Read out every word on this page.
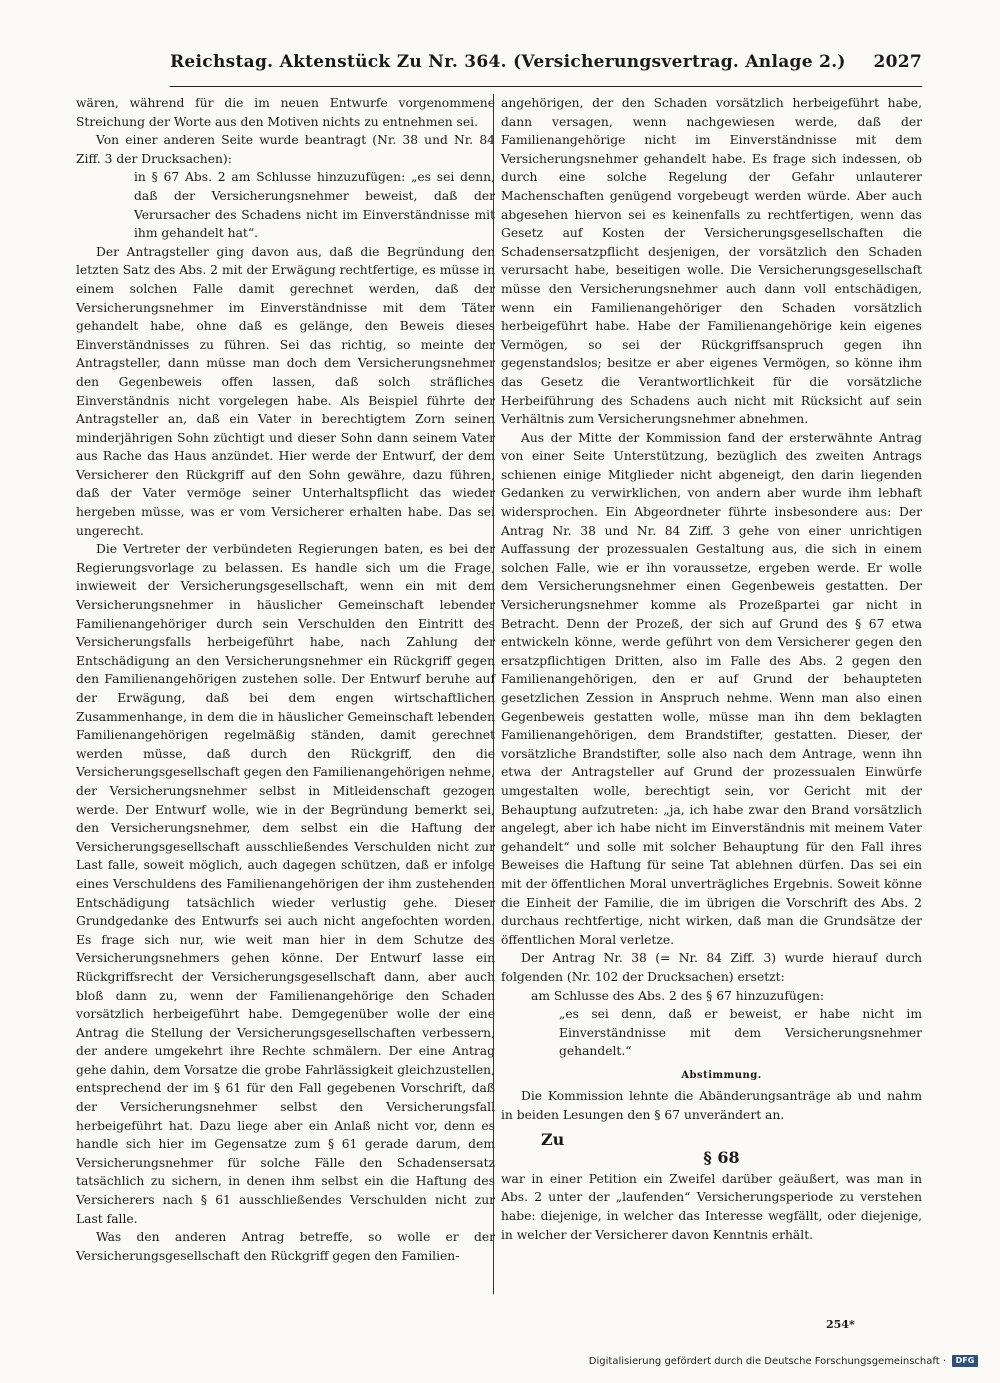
Reichstag. Aktenstück Zu Nr. 364. (Versicherungsvertrag. Anlage 2.) 2027

wären, während für die im neuen Entwurfe vorgenommene Streichung der Worte aus den Motiven nichts zu entnehmen sei.

Von einer anderen Seite wurde beantragt (Nr. 38 und Nr. 84 Ziff. 3 der Drucksachen):

in § 67 Abs. 2 am Schlusse hinzuzufügen: „es sei denn, daß der Versicherungsnehmer beweist, daß der Verursacher des Schadens nicht im Einverständnisse mit ihm gehandelt hat“.

Der Antragsteller ging davon aus, daß die Begründung den letzten Satz des Abs. 2 mit der Erwägung rechtfertige, es müsse in einem solchen Falle damit gerechnet werden, daß der Versicherungsnehmer im Einverständnisse mit dem Täter gehandelt habe, ohne daß es gelänge, den Beweis dieses Einverständnisses zu führen. Sei das richtig, so meinte der Antragsteller, dann müsse man doch dem Versicherungsnehmer den Gegenbeweis offen lassen, daß solch sträfliches Einverständnis nicht vorgelegen habe. Als Beispiel führte der Antragsteller an, daß ein Vater in berechtigtem Zorn seinen minderjährigen Sohn züchtigt und dieser Sohn dann seinem Vater aus Rache das Haus anzündet. Hier werde der Entwurf, der dem Versicherer den Rückgriff auf den Sohn gewähre, dazu führen, daß der Vater vermöge seiner Unterhaltspflicht das wieder hergeben müsse, was er vom Versicherer erhalten habe. Das sei ungerecht.

Die Vertreter der verbündeten Regierungen baten, es bei der Regierungsvorlage zu belassen. Es handle sich um die Frage, inwieweit der Versicherungsgesellschaft, wenn ein mit dem Versicherungsnehmer in häuslicher Gemeinschaft lebender Familienangehöriger durch sein Verschulden den Eintritt des Versicherungsfalls herbeigeführt habe, nach Zahlung der Entschädigung an den Versicherungsnehmer ein Rückgriff gegen den Familienangehörigen zustehen solle. Der Entwurf beruhe auf der Erwägung, daß bei dem engen wirtschaftlichen Zusammenhange, in dem die in häuslicher Gemeinschaft lebenden Familienangehörigen regelmäßig ständen, damit gerechnet werden müsse, daß durch den Rückgriff, den die Versicherungsgesellschaft gegen den Familienangehörigen nehme, der Versicherungsnehmer selbst in Mitleidenschaft gezogen werde. Der Entwurf wolle, wie in der Begründung bemerkt sei, den Versicherungsnehmer, dem selbst ein die Haftung der Versicherungsgesellschaft ausschließendes Verschulden nicht zur Last falle, soweit möglich, auch dagegen schützen, daß er infolge eines Verschuldens des Familienangehörigen der ihm zustehenden Entschädigung tatsächlich wieder verlustig gehe. Dieser Grundgedanke des Entwurfs sei auch nicht angefochten worden. Es frage sich nur, wie weit man hier in dem Schutze des Versicherungsnehmers gehen könne. Der Entwurf lasse ein Rückgriffsrecht der Versicherungsgesellschaft dann, aber auch bloß dann zu, wenn der Familienangehörige den Schaden vorsätzlich herbeigeführt habe. Demgegenüber wolle der eine Antrag die Stellung der Versicherungsgesellschaften verbessern, der andere umgekehrt ihre Rechte schmälern. Der eine Antrag gehe dahin, dem Vorsatze die grobe Fahrlässigkeit gleichzustellen, entsprechend der im § 61 für den Fall gegebenen Vorschrift, daß der Versicherungsnehmer selbst den Versicherungsfall herbeigeführt hat. Dazu liege aber ein Anlaß nicht vor, denn es handle sich hier im Gegensatze zum § 61 gerade darum, dem Versicherungsnehmer für solche Fälle den Schadensersatz tatsächlich zu sichern, in denen ihm selbst ein die Haftung des Versicherers nach § 61 ausschließendes Verschulden nicht zur Last falle.

Was den anderen Antrag betreffe, so wolle er der Versicherungsgesellschaft den Rückgriff gegen den Familien-

angehörigen, der den Schaden vorsätzlich herbeigeführt habe, dann versagen, wenn nachgewiesen werde, daß der Familienangehörige nicht im Einverständnisse mit dem Versicherungsnehmer gehandelt habe. Es frage sich indessen, ob durch eine solche Regelung der Gefahr unlauterer Machenschaften genügend vorgebeugt werden würde. Aber auch abgesehen hiervon sei es keinenfalls zu rechtfertigen, wenn das Gesetz auf Kosten der Versicherungsgesellschaften die Schadensersatzpflicht desjenigen, der vorsätzlich den Schaden verursacht habe, beseitigen wolle. Die Versicherungsgesellschaft müsse den Versicherungsnehmer auch dann voll entschädigen, wenn ein Familienangehöriger den Schaden vorsätzlich herbeigeführt habe. Habe der Familienangehörige kein eigenes Vermögen, so sei der Rückgriffsanspruch gegen ihn gegenstandslos; besitze er aber eigenes Vermögen, so könne ihm das Gesetz die Verantwortlichkeit für die vorsätzliche Herbeiführung des Schadens auch nicht mit Rücksicht auf sein Verhältnis zum Versicherungsnehmer abnehmen.

Aus der Mitte der Kommission fand der ersterwähnte Antrag von einer Seite Unterstützung, bezüglich des zweiten Antrags schienen einige Mitglieder nicht abgeneigt, den darin liegenden Gedanken zu verwirklichen, von andern aber wurde ihm lebhaft widersprochen. Ein Abgeordneter führte insbesondere aus: Der Antrag Nr. 38 und Nr. 84 Ziff. 3 gehe von einer unrichtigen Auffassung der prozessualen Gestaltung aus, die sich in einem solchen Falle, wie er ihn voraussetze, ergeben werde. Er wolle dem Versicherungsnehmer einen Gegenbeweis gestatten. Der Versicherungsnehmer komme als Prozeßpartei gar nicht in Betracht. Denn der Prozeß, der sich auf Grund des § 67 etwa entwickeln könne, werde geführt von dem Versicherer gegen den ersatzpflichtigen Dritten, also im Falle des Abs. 2 gegen den Familienangehörigen, den er auf Grund der behaupteten gesetzlichen Zession in Anspruch nehme. Wenn man also einen Gegenbeweis gestatten wolle, müsse man ihn dem beklagten Familienangehörigen, dem Brandstifter, gestatten. Dieser, der vorsätzliche Brandstifter, solle also nach dem Antrage, wenn ihn etwa der Antragsteller auf Grund der prozessualen Einwürfe umgestalten wolle, berechtigt sein, vor Gericht mit der Behauptung aufzutreten: „ja, ich habe zwar den Brand vorsätzlich angelegt, aber ich habe nicht im Einverständnis mit meinem Vater gehandelt“ und solle mit solcher Behauptung für den Fall ihres Beweises die Haftung für seine Tat ablehnen dürfen. Das sei ein mit der öffentlichen Moral unverträgliches Ergebnis. Soweit könne die Einheit der Familie, die im übrigen die Vorschrift des Abs. 2 durchaus rechtfertige, nicht wirken, daß man die Grundsätze der öffentlichen Moral verletze.

Der Antrag Nr. 38 (= Nr. 84 Ziff. 3) wurde hierauf durch folgenden (Nr. 102 der Drucksachen) ersetzt:

am Schlusse des Abs. 2 des § 67 hinzuzufügen:

„es sei denn, daß er beweist, er habe nicht im Einverständnisse mit dem Versicherungsnehmer gehandelt.“

Abstimmung.

Die Kommission lehnte die Abänderungsanträge ab und nahm in beiden Lesungen den § 67 unverändert an.

Zu

§ 68

war in einer Petition ein Zweifel darüber geäußert, was man in Abs. 2 unter der „laufenden“ Versicherungsperiode zu verstehen habe: diejenige, in welcher das Interesse wegfällt, oder diejenige, in welcher der Versicherer davon Kenntnis erhält.

254*
Digitalisierung gefördert durch die Deutsche Forschungsgemeinschaft ·	DFG
